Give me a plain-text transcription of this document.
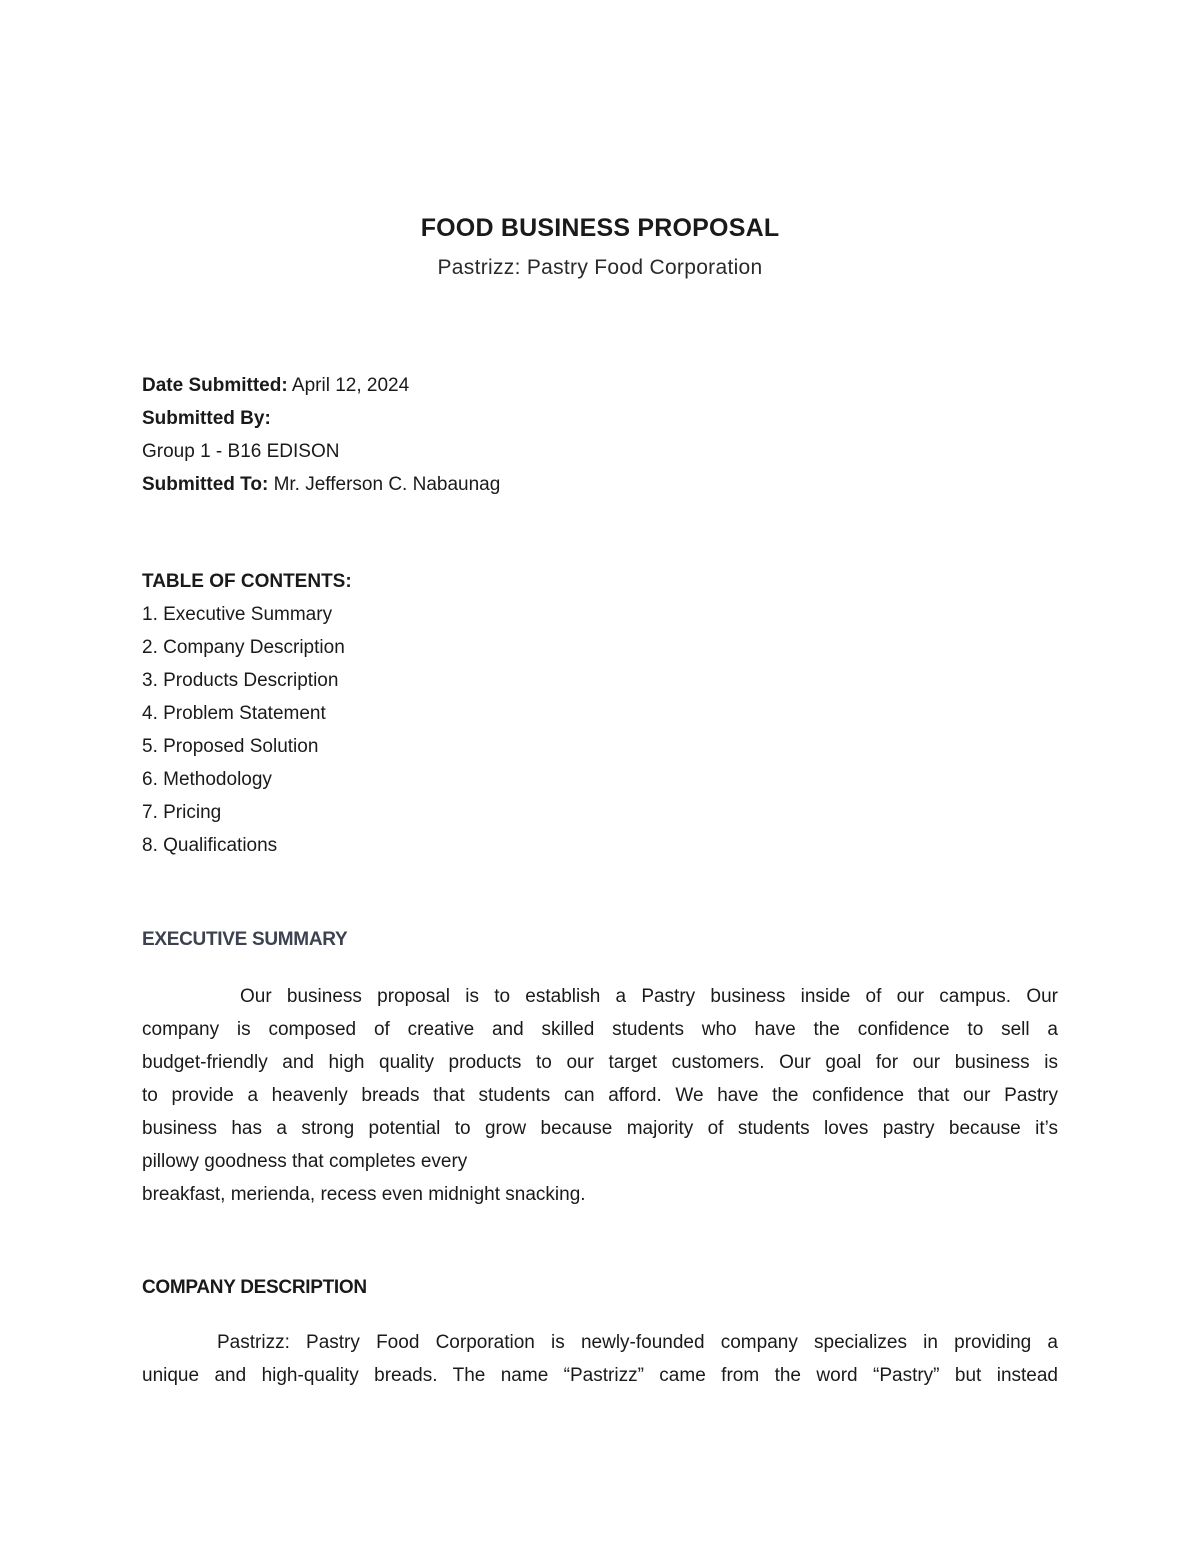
FOOD BUSINESS PROPOSAL
Pastrizz: Pastry Food Corporation
Date Submitted: April 12, 2024
Submitted By:
Group 1 - B16 EDISON
Submitted To: Mr. Jefferson C. Nabaunag
TABLE OF CONTENTS:
1. Executive Summary
2. Company Description
3. Products Description
4. Problem Statement
5. Proposed Solution
6. Methodology
7. Pricing
8. Qualifications
EXECUTIVE SUMMARY
Our business proposal is to establish a Pastry business inside of our campus. Our
company is composed of creative and skilled students who have the confidence to sell a
budget-friendly and high quality products to our target customers. Our goal for our business is
to provide a heavenly breads that students can afford. We have the confidence that our Pastry
business has a strong potential to grow because majority of students loves pastry because it’s
pillowy goodness that completes every
breakfast, merienda, recess even midnight snacking.
COMPANY DESCRIPTION
Pastrizz: Pastry Food Corporation is newly-founded company specializes in providing a
unique and high-quality breads. The name “Pastrizz” came from the word “Pastry” but instead
